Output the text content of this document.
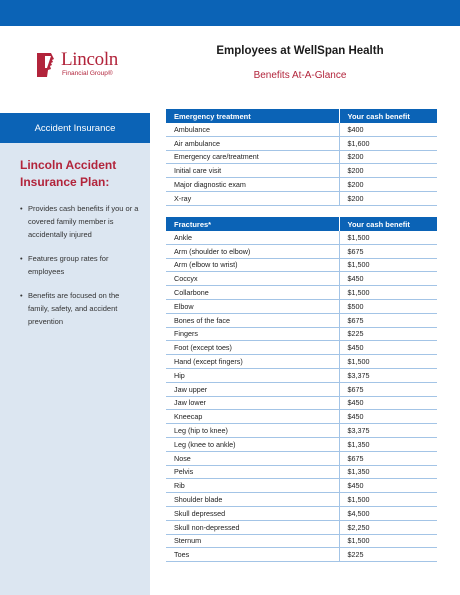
Lincoln
Financial Group®
Employees at WellSpan Health
Benefits At-A-Glance
Accident Insurance
Lincoln Accident Insurance Plan:
• Provides cash benefits if you or a covered family member is accidentally injured
• Features group rates for employees
• Benefits are focused on the family, safety, and accident prevention
Emergency treatment	Your cash benefit
Ambulance	$400
Air ambulance	$1,600
Emergency care/treatment	$200
Initial care visit	$200
Major diagnostic exam	$200
X-ray	$200
Fractures*	Your cash benefit
Ankle	$1,500
Arm (shoulder to elbow)	$675
Arm (elbow to wrist)	$1,500
Coccyx	$450
Collarbone	$1,500
Elbow	$500
Bones of the face	$675
Fingers	$225
Foot (except toes)	$450
Hand (except fingers)	$1,500
Hip	$3,375
Jaw upper	$675
Jaw lower	$450
Kneecap	$450
Leg (hip to knee)	$3,375
Leg (knee to ankle)	$1,350
Nose	$675
Pelvis	$1,350
Rib	$450
Shoulder blade	$1,500
Skull depressed	$4,500
Skull non-depressed	$2,250
Sternum	$1,500
Toes	$225
